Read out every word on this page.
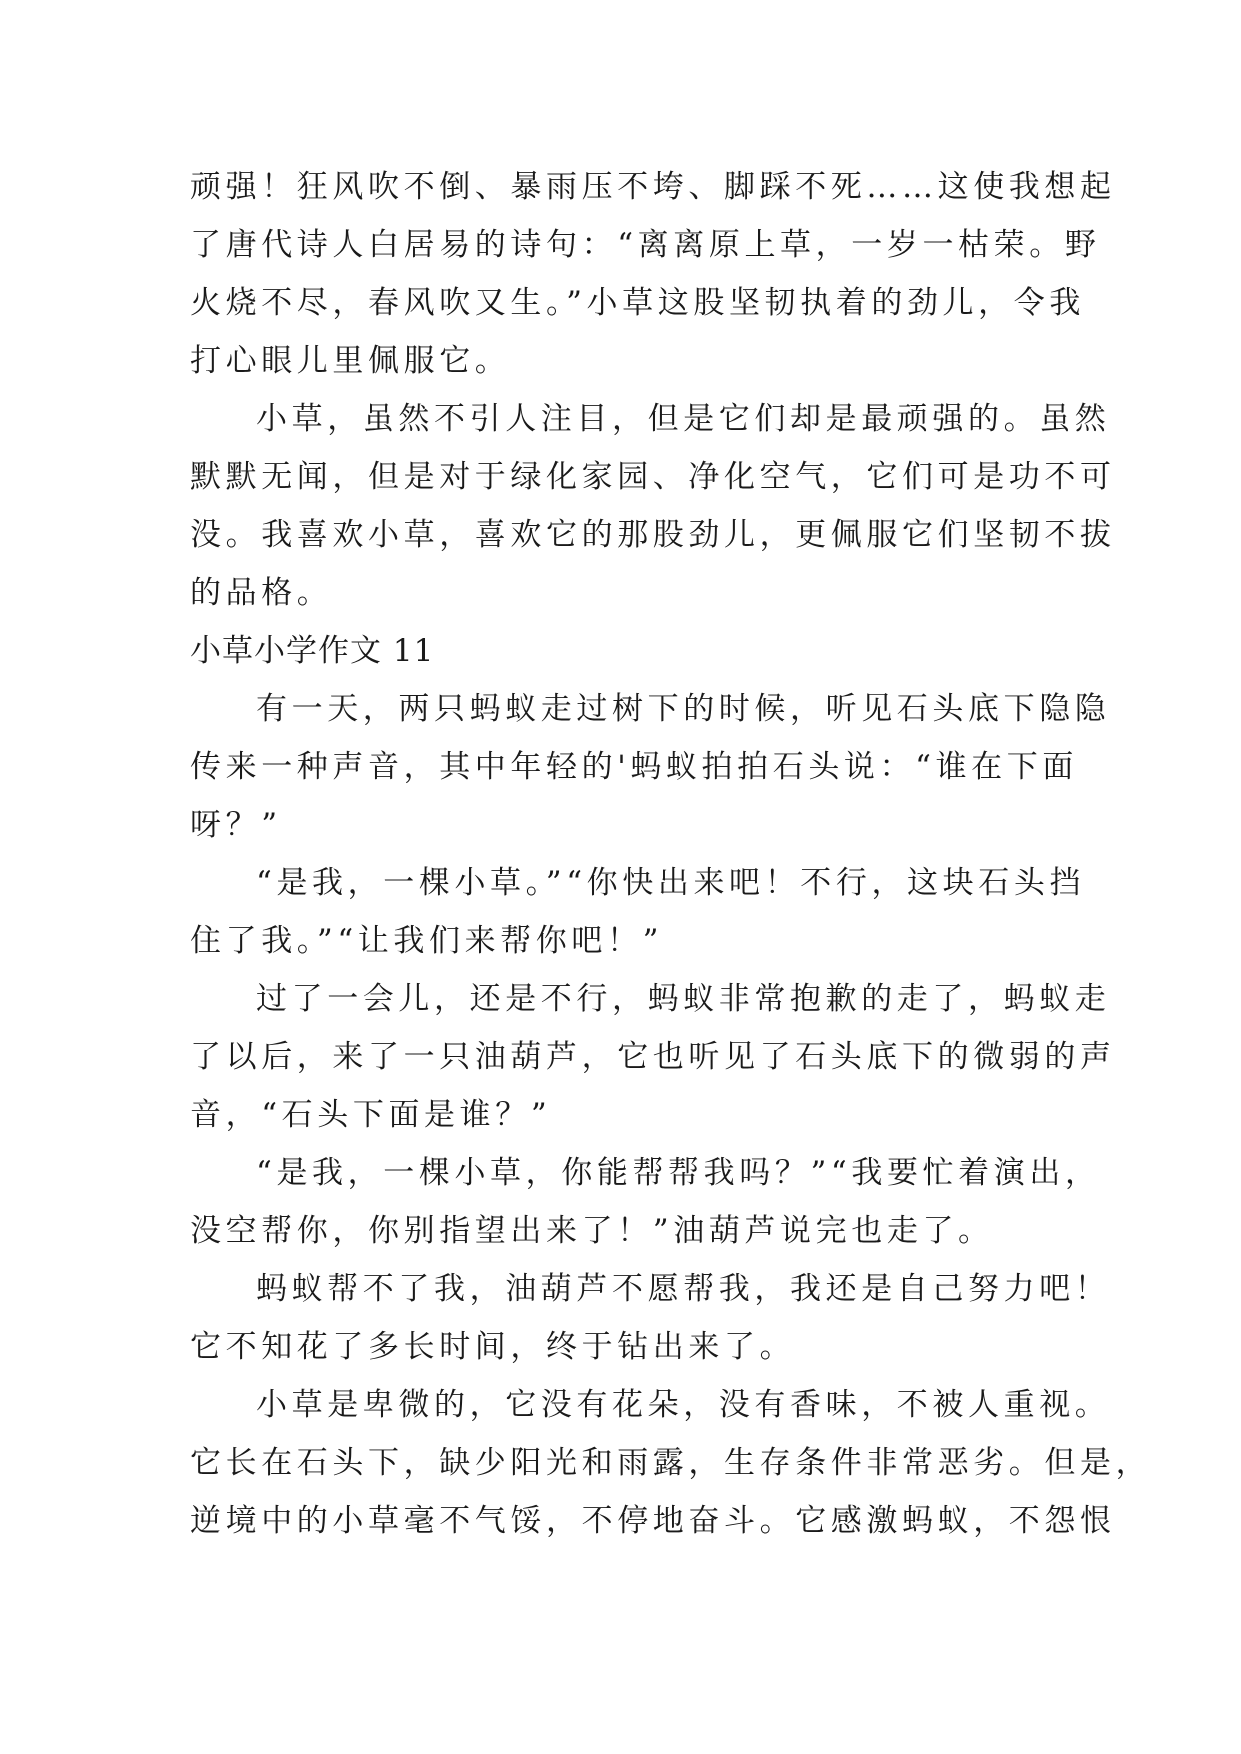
顽强！狂风吹不倒、暴雨压不垮、脚踩不死……这使我想起
了唐代诗人白居易的诗句：“离离原上草，一岁一枯荣。野
火烧不尽，春风吹又生。”小草这股坚韧执着的劲儿，令我
打心眼儿里佩服它。
小草，虽然不引人注目，但是它们却是最顽强的。虽然
默默无闻，但是对于绿化家园、净化空气，它们可是功不可
没。我喜欢小草，喜欢它的那股劲儿，更佩服它们坚韧不拔
的品格。
小草小学作文 11
有一天，两只蚂蚁走过树下的时候，听见石头底下隐隐
传来一种声音，其中年轻的'蚂蚁拍拍石头说：“谁在下面
呀？”
“是我，一棵小草。”“你快出来吧！不行，这块石头挡
住了我。”“让我们来帮你吧！”
过了一会儿，还是不行，蚂蚁非常抱歉的走了，蚂蚁走
了以后，来了一只油葫芦，它也听见了石头底下的微弱的声
音，“石头下面是谁？”
“是我，一棵小草，你能帮帮我吗？”“我要忙着演出，
没空帮你，你别指望出来了！”油葫芦说完也走了。
蚂蚁帮不了我，油葫芦不愿帮我，我还是自己努力吧！
它不知花了多长时间，终于钻出来了。
小草是卑微的，它没有花朵，没有香味，不被人重视。
它长在石头下，缺少阳光和雨露，生存条件非常恶劣。但是，
逆境中的小草毫不气馁，不停地奋斗。它感激蚂蚁，不怨恨
